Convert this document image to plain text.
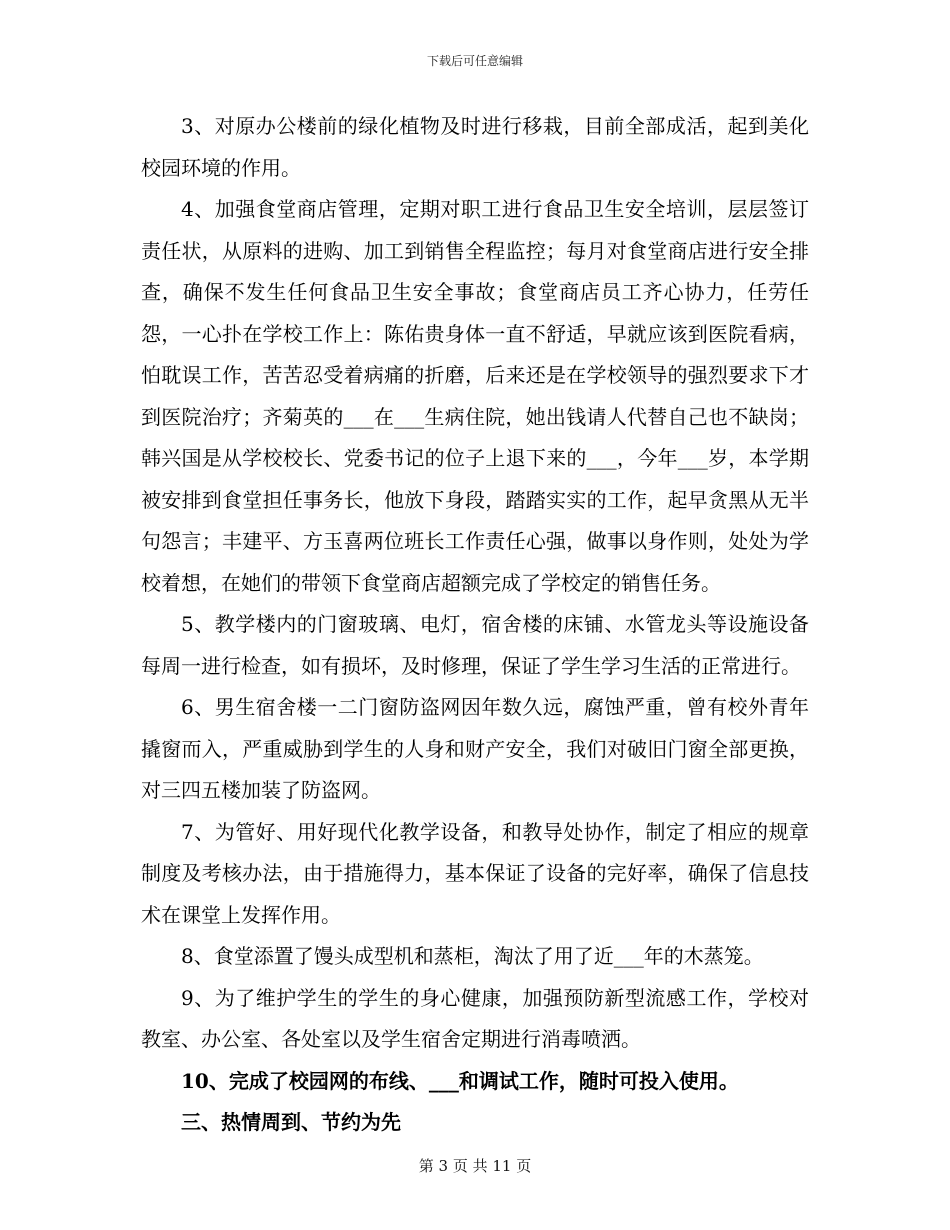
下载后可任意编辑

3、对原办公楼前的绿化植物及时进行移栽，目前全部成活，起到美化校园环境的作用。

4、加强食堂商店管理，定期对职工进行食品卫生安全培训，层层签订责任状，从原料的进购、加工到销售全程监控；每月对食堂商店进行安全排查，确保不发生任何食品卫生安全事故；食堂商店员工齐心协力，任劳任怨，一心扑在学校工作上：陈佑贵身体一直不舒适，早就应该到医院看病，怕耽误工作，苦苦忍受着病痛的折磨，后来还是在学校领导的强烈要求下才到医院治疗；齐菊英的___在___生病住院，她出钱请人代替自己也不缺岗；韩兴国是从学校校长、党委书记的位子上退下来的___，今年___岁，本学期被安排到食堂担任事务长，他放下身段，踏踏实实的工作，起早贪黑从无半句怨言；丰建平、方玉喜两位班长工作责任心强，做事以身作则，处处为学校着想，在她们的带领下食堂商店超额完成了学校定的销售任务。

5、教学楼内的门窗玻璃、电灯，宿舍楼的床铺、水管龙头等设施设备每周一进行检查，如有损坏，及时修理，保证了学生学习生活的正常进行。

6、男生宿舍楼一二门窗防盗网因年数久远，腐蚀严重，曾有校外青年撬窗而入，严重威胁到学生的人身和财产安全，我们对破旧门窗全部更换，对三四五楼加装了防盗网。

7、为管好、用好现代化教学设备，和教导处协作，制定了相应的规章制度及考核办法，由于措施得力，基本保证了设备的完好率，确保了信息技术在课堂上发挥作用。

8、食堂添置了馒头成型机和蒸柜，淘汰了用了近___年的木蒸笼。

9、为了维护学生的学生的身心健康，加强预防新型流感工作，学校对教室、办公室、各处室以及学生宿舍定期进行消毒喷洒。

10、完成了校园网的布线、___和调试工作，随时可投入使用。

三、热情周到、节约为先

第 3 页 共 11 页
